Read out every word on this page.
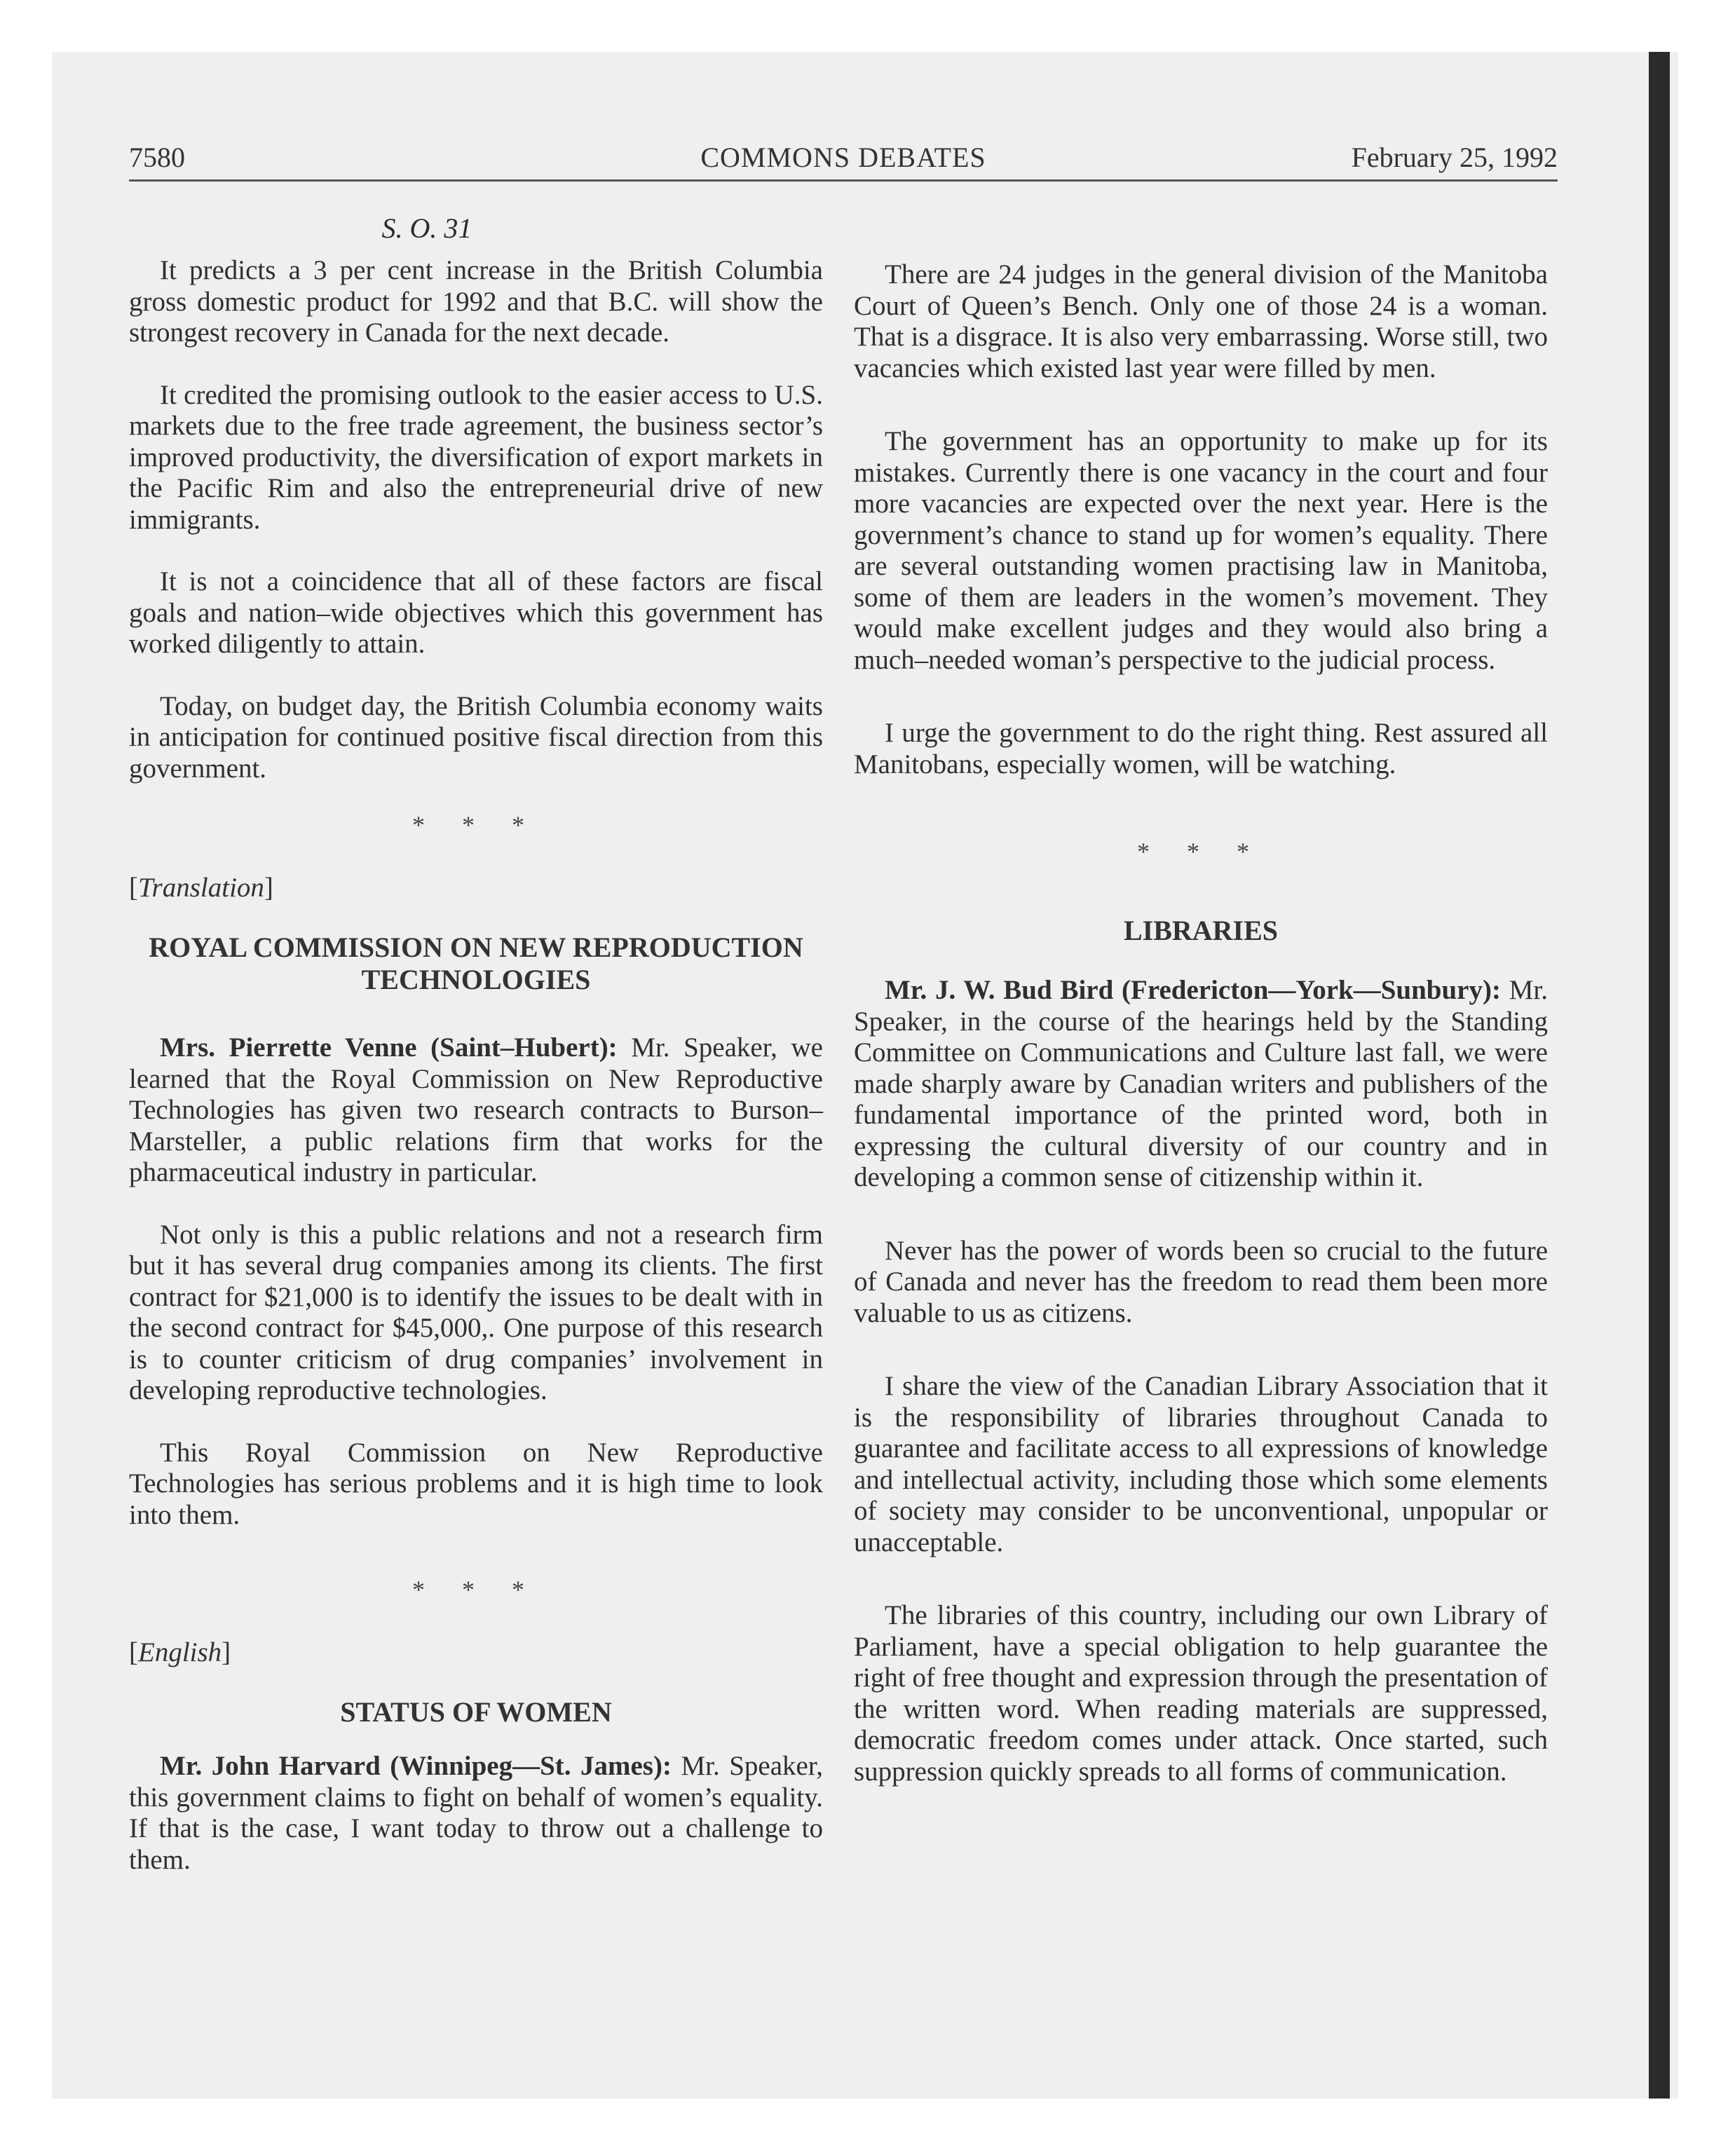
7580	COMMONS DEBATES	February 25, 1992
S. O. 31

It predicts a 3 per cent increase in the British Columbia gross domestic product for 1992 and that B.C. will show the strongest recovery in Canada for the next decade.

It credited the promising outlook to the easier access to U.S. markets due to the free trade agreement, the business sector’s improved productivity, the diversification of export markets in the Pacific Rim and also the entrepreneurial drive of new immigrants.

It is not a coincidence that all of these factors are fiscal goals and nation–wide objectives which this government has worked diligently to attain.

Today, on budget day, the British Columbia economy waits in anticipation for continued positive fiscal direction from this government.

* * *
[Translation]
ROYAL COMMISSION ON NEW REPRODUCTION TECHNOLOGIES

Mrs. Pierrette Venne (Saint–Hubert): Mr. Speaker, we learned that the Royal Commission on New Reproductive Technologies has given two research contracts to Burson–Marsteller, a public relations firm that works for the pharmaceutical industry in particular.

Not only is this a public relations and not a research firm but it has several drug companies among its clients. The first contract for $21,000 is to identify the issues to be dealt with in the second contract for $45,000,. One purpose of this research is to counter criticism of drug companies’ involvement in developing reproductive technologies.

This Royal Commission on New Reproductive Technologies has serious problems and it is high time to look into them.

* * *
[English]
STATUS OF WOMEN

Mr. John Harvard (Winnipeg—St. James): Mr. Speaker, this government claims to fight on behalf of women’s equality. If that is the case, I want today to throw out a challenge to them.

There are 24 judges in the general division of the Manitoba Court of Queen’s Bench. Only one of those 24 is a woman. That is a disgrace. It is also very embarrassing. Worse still, two vacancies which existed last year were filled by men.

The government has an opportunity to make up for its mistakes. Currently there is one vacancy in the court and four more vacancies are expected over the next year. Here is the government’s chance to stand up for women’s equality. There are several outstanding women practising law in Manitoba, some of them are leaders in the women’s movement. They would make excellent judges and they would also bring a much–needed woman’s perspective to the judicial process.

I urge the government to do the right thing. Rest assured all Manitobans, especially women, will be watching.

* * *
LIBRARIES

Mr. J. W. Bud Bird (Fredericton—York—Sunbury): Mr. Speaker, in the course of the hearings held by the Standing Committee on Communications and Culture last fall, we were made sharply aware by Canadian writers and publishers of the fundamental importance of the printed word, both in expressing the cultural diversity of our country and in developing a common sense of citizenship within it.

Never has the power of words been so crucial to the future of Canada and never has the freedom to read them been more valuable to us as citizens.

I share the view of the Canadian Library Association that it is the responsibility of libraries throughout Canada to guarantee and facilitate access to all expressions of knowledge and intellectual activity, including those which some elements of society may consider to be unconventional, unpopular or unacceptable.

The libraries of this country, including our own Library of Parliament, have a special obligation to help guarantee the right of free thought and expression through the presentation of the written word. When reading materials are suppressed, democratic freedom comes under attack. Once started, such suppression quickly spreads to all forms of communication.
